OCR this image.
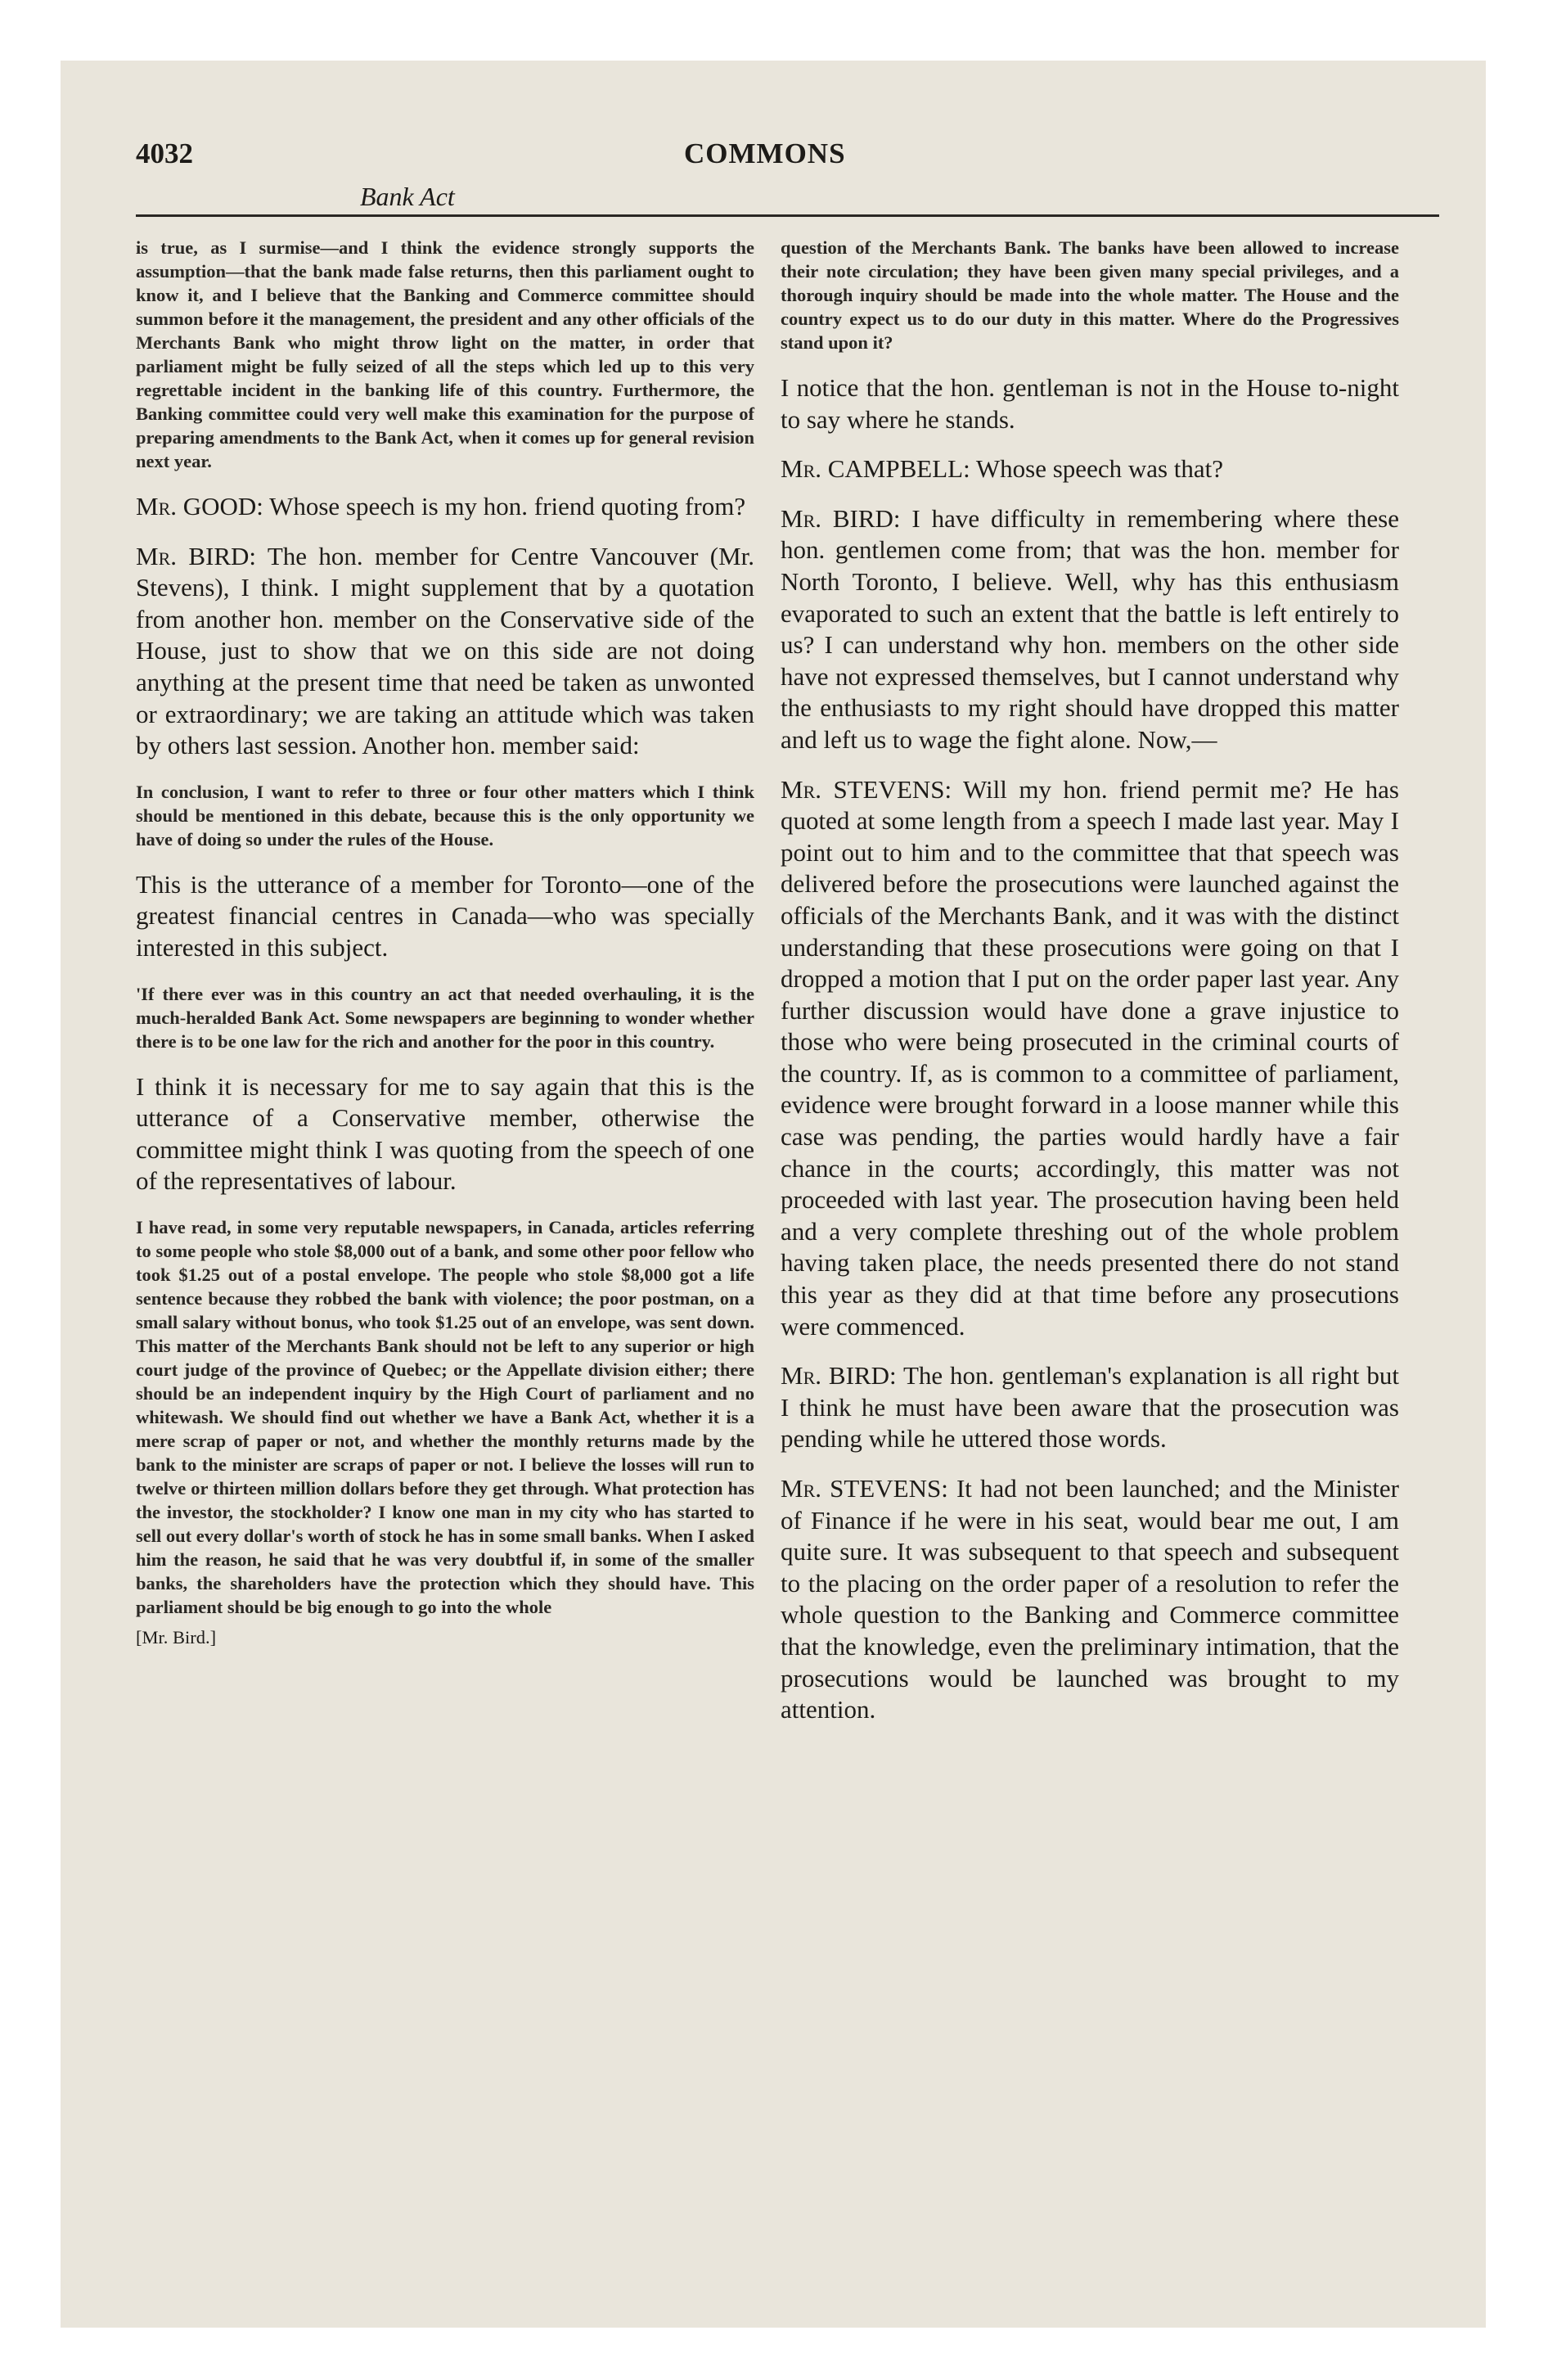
4032	COMMONS
Bank Act

is true, as I surmise—and I think the evidence strongly supports the assumption—that the bank made false returns, then this parliament ought to know it, and I believe that the Banking and Commerce committee should summon before it the management, the president and any other officials of the Merchants Bank who might throw light on the matter, in order that parliament might be fully seized of all the steps which led up to this very regrettable incident in the banking life of this country. Furthermore, the Banking committee could very well make this examination for the purpose of preparing amendments to the Bank Act, when it comes up for general revision next year.

Mr. GOOD: Whose speech is my hon. friend quoting from?

Mr. BIRD: The hon. member for Centre Vancouver (Mr. Stevens), I think. I might supplement that by a quotation from another hon. member on the Conservative side of the House, just to show that we on this side are not doing anything at the present time that need be taken as unwonted or extraordinary; we are taking an attitude which was taken by others last session. Another hon. member said:

In conclusion, I want to refer to three or four other matters which I think should be mentioned in this debate, because this is the only opportunity we have of doing so under the rules of the House.

This is the utterance of a member for Toronto—one of the greatest financial centres in Canada—who was specially interested in this subject.

'If there ever was in this country an act that needed overhauling, it is the much-heralded Bank Act. Some newspapers are beginning to wonder whether there is to be one law for the rich and another for the poor in this country.

I think it is necessary for me to say again that this is the utterance of a Conservative member, otherwise the committee might think I was quoting from the speech of one of the representatives of labour.

I have read, in some very reputable newspapers, in Canada, articles referring to some people who stole $8,000 out of a bank, and some other poor fellow who took $1.25 out of a postal envelope. The people who stole $8,000 got a life sentence because they robbed the bank with violence; the poor postman, on a small salary without bonus, who took $1.25 out of an envelope, was sent down. This matter of the Merchants Bank should not be left to any superior or high court judge of the province of Quebec; or the Appellate division either; there should be an independent inquiry by the High Court of parliament and no whitewash. We should find out whether we have a Bank Act, whether it is a mere scrap of paper or not, and whether the monthly returns made by the bank to the minister are scraps of paper or not. I believe the losses will run to twelve or thirteen million dollars before they get through. What protection has the investor, the stockholder? I know one man in my city who has started to sell out every dollar's worth of stock he has in some small banks. When I asked him the reason, he said that he was very doubtful if, in some of the smaller banks, the shareholders have the protection which they should have. This parliament should be big enough to go into the whole

[Mr. Bird.]

question of the Merchants Bank. The banks have been allowed to increase their note circulation; they have been given many special privileges, and a thorough inquiry should be made into the whole matter. The House and the country expect us to do our duty in this matter. Where do the Progressives stand upon it?

I notice that the hon. gentleman is not in the House to-night to say where he stands.

Mr. CAMPBELL: Whose speech was that?

Mr. BIRD: I have difficulty in remembering where these hon. gentlemen come from; that was the hon. member for North Toronto, I believe. Well, why has this enthusiasm evaporated to such an extent that the battle is left entirely to us? I can understand why hon. members on the other side have not expressed themselves, but I cannot understand why the enthusiasts to my right should have dropped this matter and left us to wage the fight alone. Now,—

Mr. STEVENS: Will my hon. friend permit me? He has quoted at some length from a speech I made last year. May I point out to him and to the committee that that speech was delivered before the prosecutions were launched against the officials of the Merchants Bank, and it was with the distinct understanding that these prosecutions were going on that I dropped a motion that I put on the order paper last year. Any further discussion would have done a grave injustice to those who were being prosecuted in the criminal courts of the country. If, as is common to a committee of parliament, evidence were brought forward in a loose manner while this case was pending, the parties would hardly have a fair chance in the courts; accordingly, this matter was not proceeded with last year. The prosecution having been held and a very complete threshing out of the whole problem having taken place, the needs presented there do not stand this year as they did at that time before any prosecutions were commenced.

Mr. BIRD: The hon. gentleman's explanation is all right but I think he must have been aware that the prosecution was pending while he uttered those words.

Mr. STEVENS: It had not been launched; and the Minister of Finance if he were in his seat, would bear me out, I am quite sure. It was subsequent to that speech and subsequent to the placing on the order paper of a resolution to refer the whole question to the Banking and Commerce committee that the knowledge, even the preliminary intimation, that the prosecutions would be launched was brought to my attention.
